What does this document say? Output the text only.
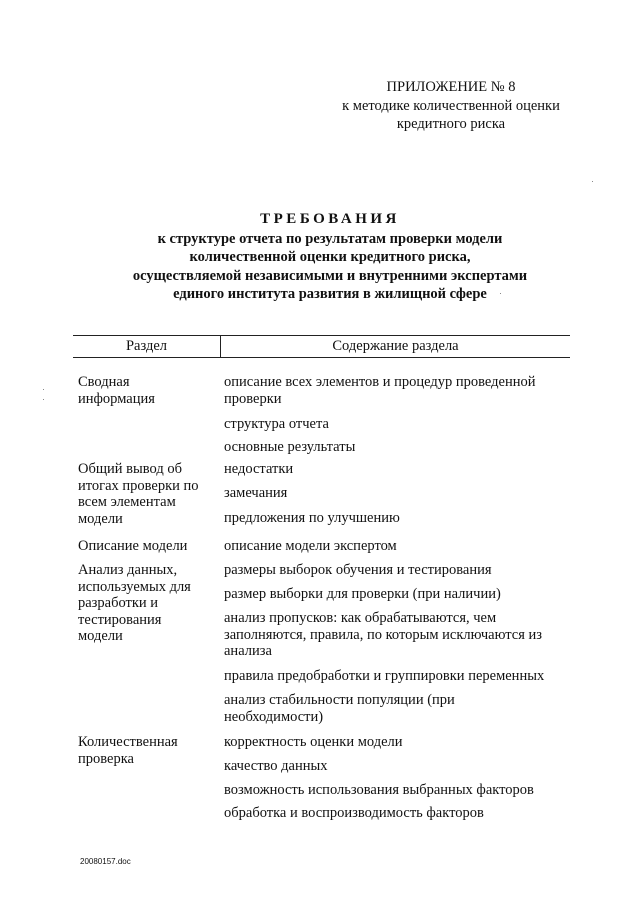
ПРИЛОЖЕНИЕ № 8
к методике количественной оценки
кредитного риска
ТРЕБОВАНИЯ
к структуре отчета по результатам проверки модели
количественной оценки кредитного риска,
осуществляемой независимыми и внутренними экспертами
единого института развития в жилищной сфере
Раздел	Содержание раздела
Сводная
информация
описание всех элементов и процедур проведенной
проверки
структура отчета
основные результаты
Общий вывод об
итогах проверки по
всем элементам
модели
недостатки
замечания
предложения по улучшению
Описание модели	описание модели экспертом
Анализ данных,
используемых для
разработки и
тестирования
модели
размеры выборок обучения и тестирования
размер выборки для проверки (при наличии)
анализ пропусков: как обрабатываются, чем
заполняются, правила, по которым исключаются из
анализа
правила предобработки и группировки переменных
анализ стабильности популяции (при
необходимости)
Количественная
проверка
корректность оценки модели
качество данных
возможность использования выбранных факторов
обработка и воспроизводимость факторов
20080157.doc
